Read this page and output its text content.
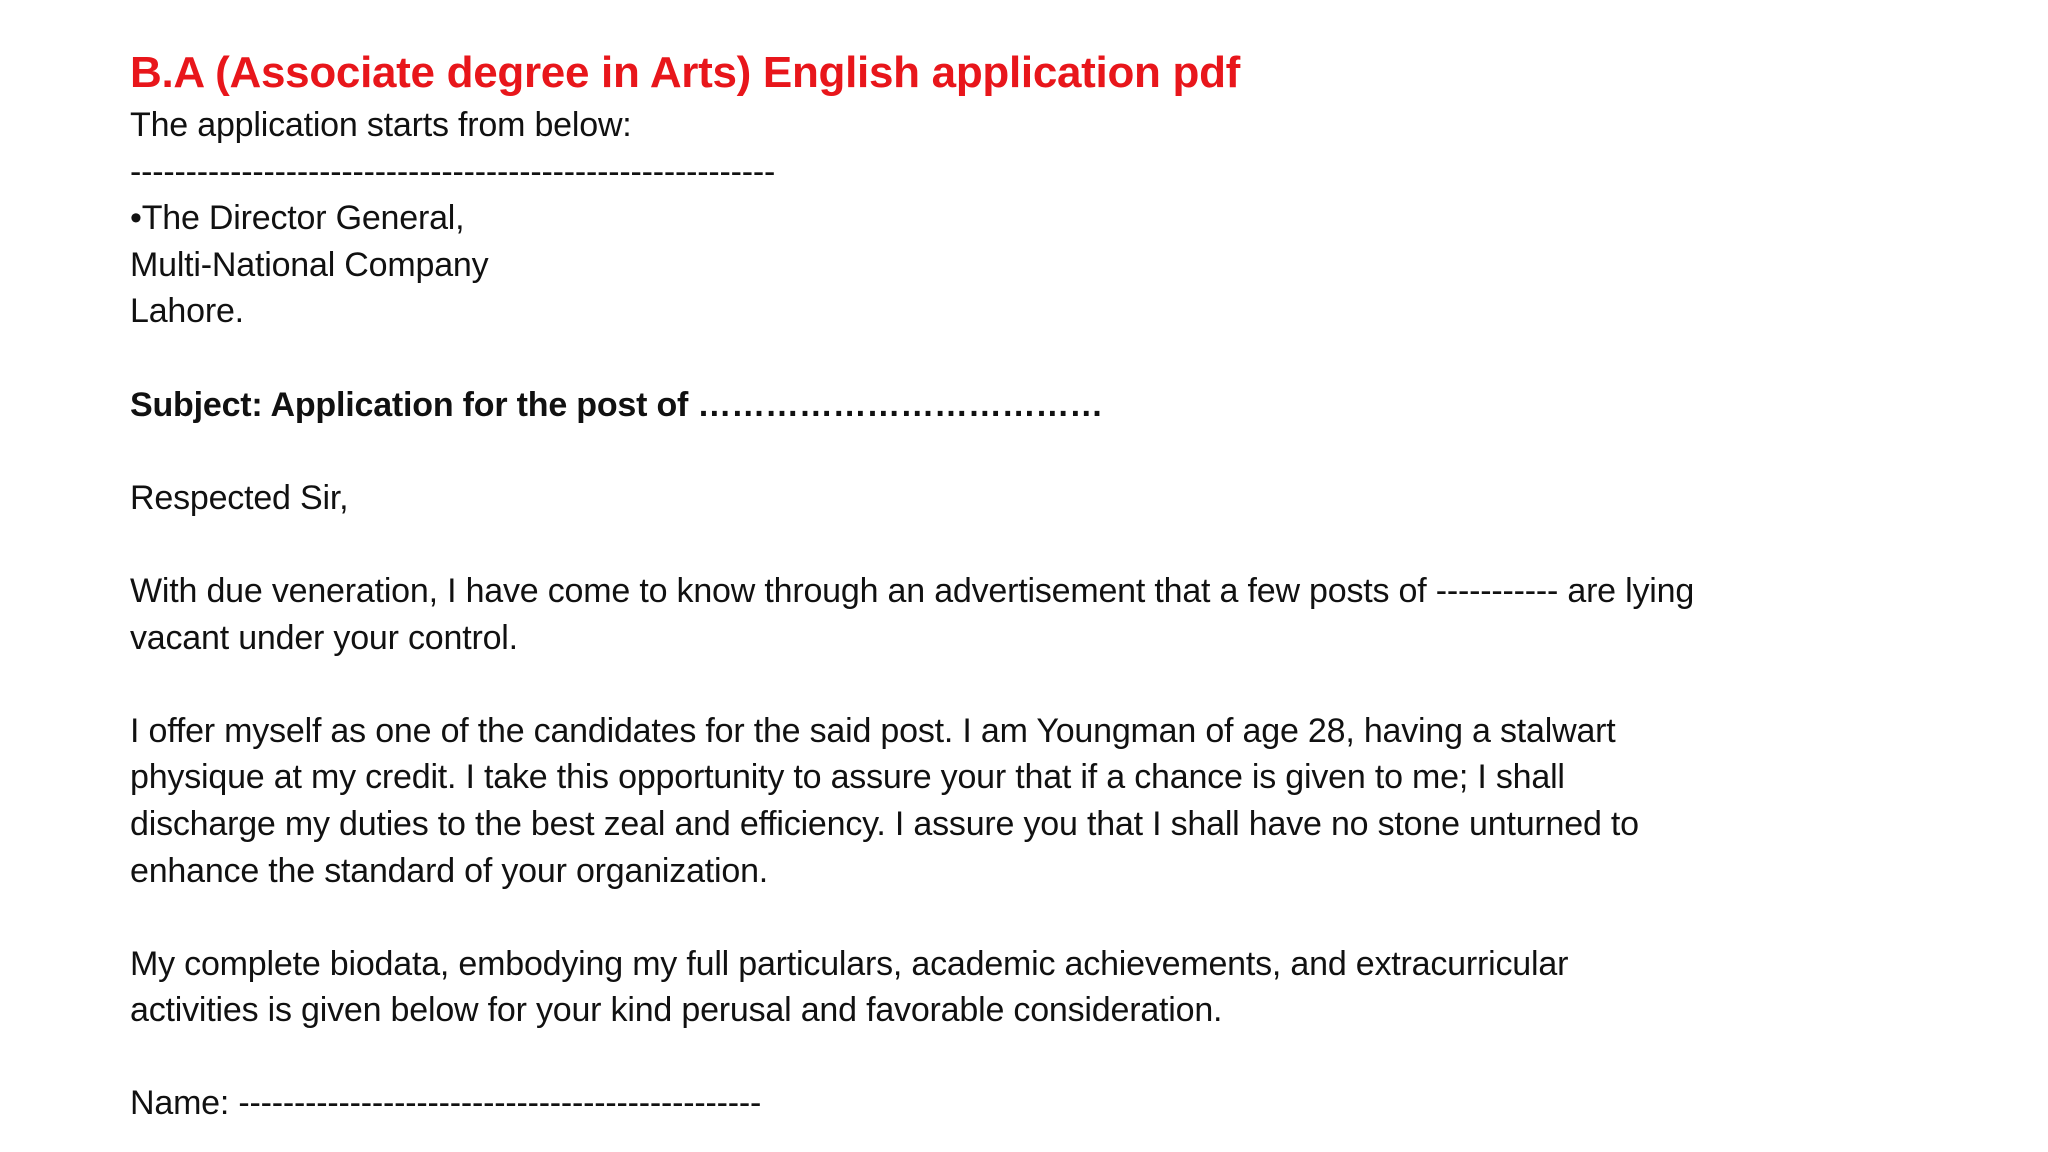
B.A (Associate degree in Arts) English application pdf

The application starts from below:

----------------------------------------------------------

•The Director General,

Multi-National Company

Lahore.

Subject: Application for the post of ………………………………

Respected Sir,

With due veneration, I have come to know through an advertisement that a few posts of ----------- are lying

vacant under your control.

I offer myself as one of the candidates for the said post. I am Youngman of age 28, having a stalwart

physique at my credit. I take this opportunity to assure your that if a chance is given to me; I shall

discharge my duties to the best zeal and efficiency. I assure you that I shall have no stone unturned to

enhance the standard of your organization.

My complete biodata, embodying my full particulars, academic achievements, and extracurricular

activities is given below for your kind perusal and favorable consideration.

Name: -----------------------------------------------
